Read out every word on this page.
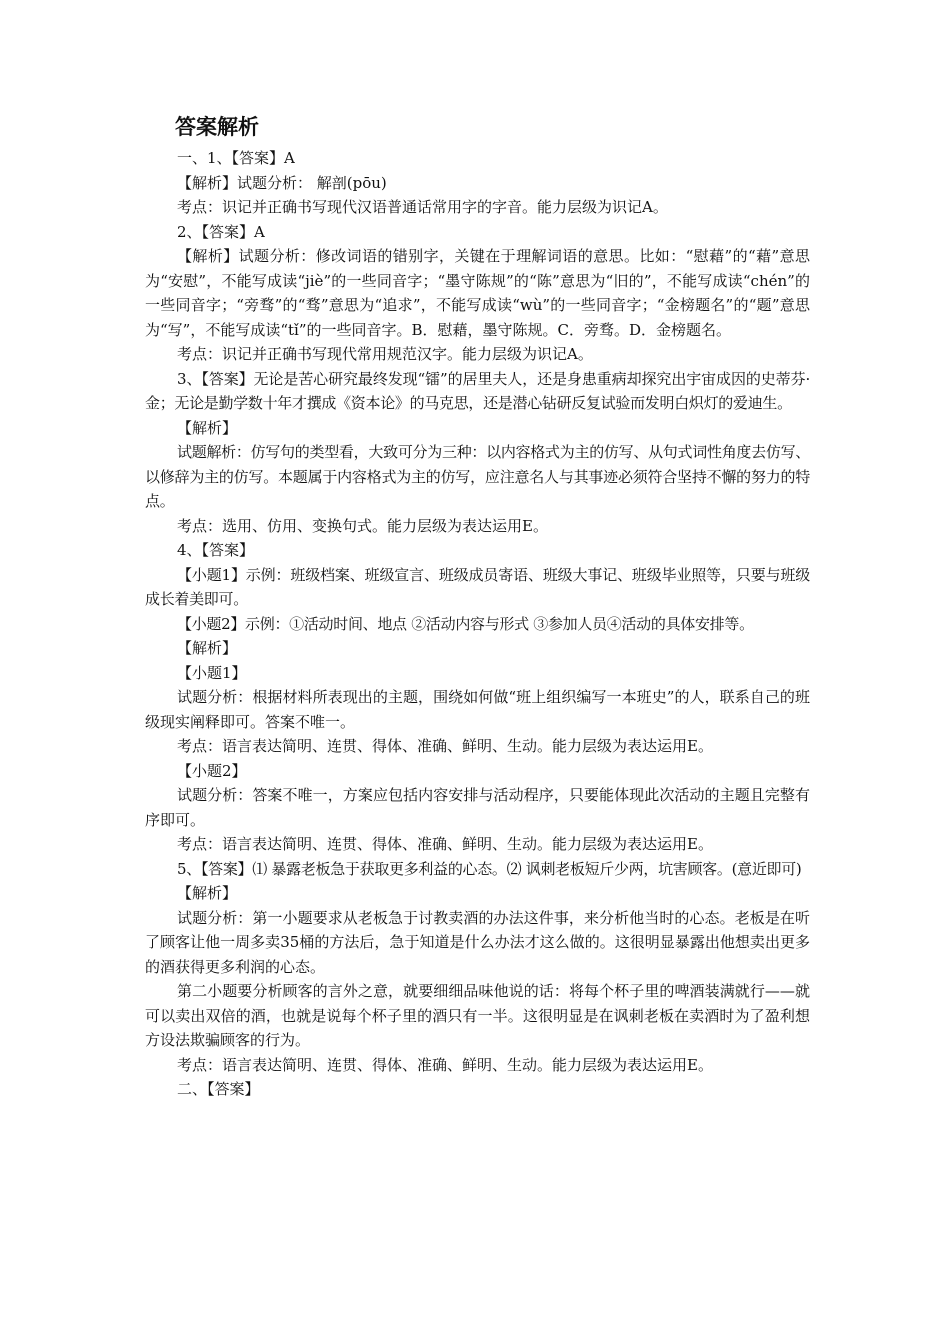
答案解析

一、1、【答案】A

【解析】试题分析： 解剖(pōu)

考点：识记并正确书写现代汉语普通话常用字的字音。能力层级为识记A。

2、【答案】A

【解析】试题分析：修改词语的错别字，关键在于理解词语的意思。比如：“慰藉”的“藉”意思为“安慰”，不能写成读“jiè”的一些同音字；“墨守陈规”的“陈”意思为“旧的”，不能写成读“chén”的一些同音字；“旁骛”的“骛”意思为“追求”，不能写成读“wù”的一些同音字；“金榜题名”的“题”意思为“写”，不能写成读“tǐ”的一些同音字。B．慰藉，墨守陈规。C．旁骛。D．金榜题名。

考点：识记并正确书写现代常用规范汉字。能力层级为识记A。

3、【答案】无论是苦心研究最终发现“镭”的居里夫人，还是身患重病却探究出宇宙成因的史蒂芬·金；无论是勤学数十年才撰成《资本论》的马克思，还是潜心钻研反复试验而发明白炽灯的爱迪生。

【解析】

试题解析：仿写句的类型看，大致可分为三种：以内容格式为主的仿写、从句式词性角度去仿写、以修辞为主的仿写。本题属于内容格式为主的仿写，应注意名人与其事迹必须符合坚持不懈的努力的特点。

考点：选用、仿用、变换句式。能力层级为表达运用E。

4、【答案】

【小题1】示例：班级档案、班级宣言、班级成员寄语、班级大事记、班级毕业照等，只要与班级成长着美即可。

【小题2】示例：①活动时间、地点 ②活动内容与形式 ③参加人员④活动的具体安排等。

【解析】

【小题1】

试题分析：根据材料所表现出的主题，围绕如何做“班上组织编写一本班史”的人，联系自己的班级现实阐释即可。答案不唯一。

考点：语言表达简明、连贯、得体、准确、鲜明、生动。能力层级为表达运用E。

【小题2】

试题分析：答案不唯一，方案应包括内容安排与活动程序，只要能体现此次活动的主题且完整有序即可。

考点：语言表达简明、连贯、得体、准确、鲜明、生动。能力层级为表达运用E。

5、【答案】⑴ 暴露老板急于获取更多利益的心态。⑵ 讽刺老板短斤少两，坑害顾客。(意近即可)

【解析】

试题分析：第一小题要求从老板急于讨教卖酒的办法这件事，来分析他当时的心态。老板是在听了顾客让他一周多卖35桶的方法后，急于知道是什么办法才这么做的。这很明显暴露出他想卖出更多的酒获得更多利润的心态。

第二小题要分析顾客的言外之意，就要细细品味他说的话：将每个杯子里的啤酒装满就行——就可以卖出双倍的酒，也就是说每个杯子里的酒只有一半。这很明显是在讽刺老板在卖酒时为了盈利想方设法欺骗顾客的行为。

考点：语言表达简明、连贯、得体、准确、鲜明、生动。能力层级为表达运用E。

二、【答案】
